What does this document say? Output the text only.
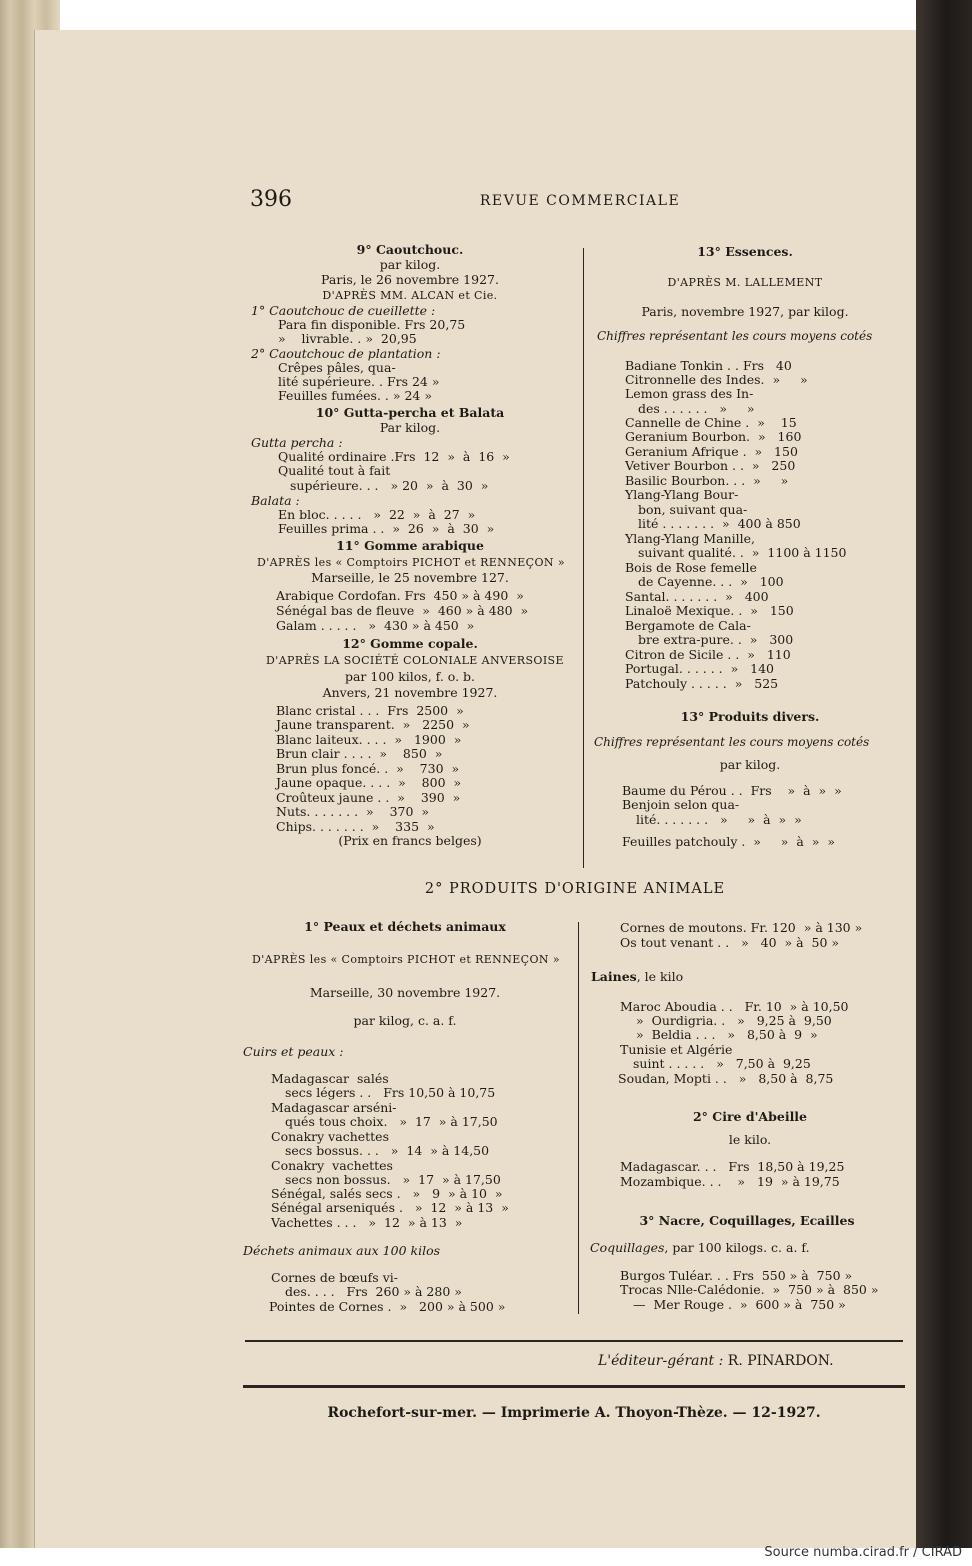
Source numba.cirad.fr / CIRAD
396	REVUE COMMERCIALE
9° Caoutchouc.
par kilog.
Paris, le 26 novembre 1927.
D'APRÈS MM. ALCAN et Cie.
1° Caoutchouc de cueillette :
Para fin disponible. Frs 20,75
»    livrable. . »  20,95
2° Caoutchouc de plantation :
Crêpes pâles, qua-
lité supérieure. . Frs 24 »
Feuilles fumées. . » 24 »
10° Gutta-percha et Balata
Par kilog.
Gutta percha :
Qualité ordinaire .Frs  12  »  à  16  »
Qualité tout à fait
supérieure. . .   » 20  »  à  30  »
Balata :
En bloc. . . . .   »  22  »  à  27  »
Feuilles prima . .  »  26  »  à  30  »
11° Gomme arabique
D'APRÈS les « Comptoirs PICHOT et RENNEÇON »
Marseille, le 25 novembre 127.
Arabique Cordofan. Frs  450 » à 490  »
Sénégal bas de fleuve  »  460 » à 480  »
Galam . . . . .   »  430 » à 450  »
12° Gomme copale.
D'APRÈS LA SOCIÉTÉ COLONIALE ANVERSOISE
par 100 kilos, f. o. b.
Anvers, 21 novembre 1927.
Blanc cristal . . .  Frs  2500  »
Jaune transparent.  »   2250  »
Blanc laiteux. . . .  »   1900  »
Brun clair . . . .  »    850  »
Brun plus foncé. .  »    730  »
Jaune opaque. . . .  »    800  »
Croûteux jaune . .  »    390  »
Nuts. . . . . . .  »    370  »
Chips. . . . . . .  »    335  »
(Prix en francs belges)
13° Essences.
D'APRÈS M. LALLEMENT
Paris, novembre 1927, par kilog.
Chiffres représentant les cours moyens cotés
Badiane Tonkin . . Frs   40
Citronnelle des Indes.  »     »
Lemon grass des In-
des . . . . . .   »     »
Cannelle de Chine .  »    15
Geranium Bourbon.  »   160
Geranium Afrique .  »   150
Vetiver Bourbon . .  »   250
Basilic Bourbon. . .  »     »
Ylang-Ylang Bour-
bon, suivant qua-
lité . . . . . . .  »  400 à 850
Ylang-Ylang Manille,
suivant qualité. .  »  1100 à 1150
Bois de Rose femelle
de Cayenne. . .  »   100
Santal. . . . . . .  »   400
Linaloë Mexique. .  »   150
Bergamote de Cala-
bre extra-pure. .  »   300
Citron de Sicile . .  »   110
Portugal. . . . . .  »   140
Patchouly . . . . .  »   525
13° Produits divers.
Chiffres représentant les cours moyens cotés
par kilog.
Baume du Pérou . .  Frs    »  à  »  »
Benjoin selon qua-
lité. . . . . . .   »     »  à  »  »
Feuilles patchouly .  »     »  à  »  »
2° PRODUITS D'ORIGINE ANIMALE
1° Peaux et déchets animaux
D'APRÈS les « Comptoirs PICHOT et RENNEÇON »
Marseille, 30 novembre 1927.
par kilog, c. a. f.
Cuirs et peaux :
Madagascar  salés
secs légers . .   Frs 10,50 à 10,75
Madagascar arséni-
qués tous choix.   »  17  » à 17,50
Conakry vachettes
secs bossus. . .   »  14  » à 14,50
Conakry  vachettes
secs non bossus.   »  17  » à 17,50
Sénégal, salés secs .   »   9  » à 10  »
Sénégal arseniqués .   »  12  » à 13  »
Vachettes . . .   »  12  » à 13  »
Déchets animaux aux 100 kilos
Cornes de bœufs vi-
des. . . .   Frs  260 » à 280 »
Pointes de Cornes .  »   200 » à 500 »
Cornes de moutons. Fr. 120  » à 130 »
Os tout venant . .   »   40  » à  50 »
Laines, le kilo
Maroc Aboudia . .   Fr. 10  » à 10,50
»  Ourdigria. .   »   9,25 à  9,50
»  Beldia . . .   »   8,50 à  9  »
Tunisie et Algérie
suint . . . . .   »   7,50 à  9,25
Soudan, Mopti . .   »   8,50 à  8,75
2° Cire d'Abeille
le kilo.
Madagascar. . .   Frs  18,50 à 19,25
Mozambique. . .    »   19  » à 19,75
3° Nacre, Coquillages, Ecailles
Coquillages, par 100 kilogs. c. a. f.
Burgos Tuléar. . . Frs  550 » à  750 »
Trocas Nlle-Calédonie.  »  750 » à  850 »
—  Mer Rouge .  »  600 » à  750 »
L'éditeur-gérant : R. PINARDON.
Rochefort-sur-mer. — Imprimerie A. Thoyon-Thèze. — 12-1927.
